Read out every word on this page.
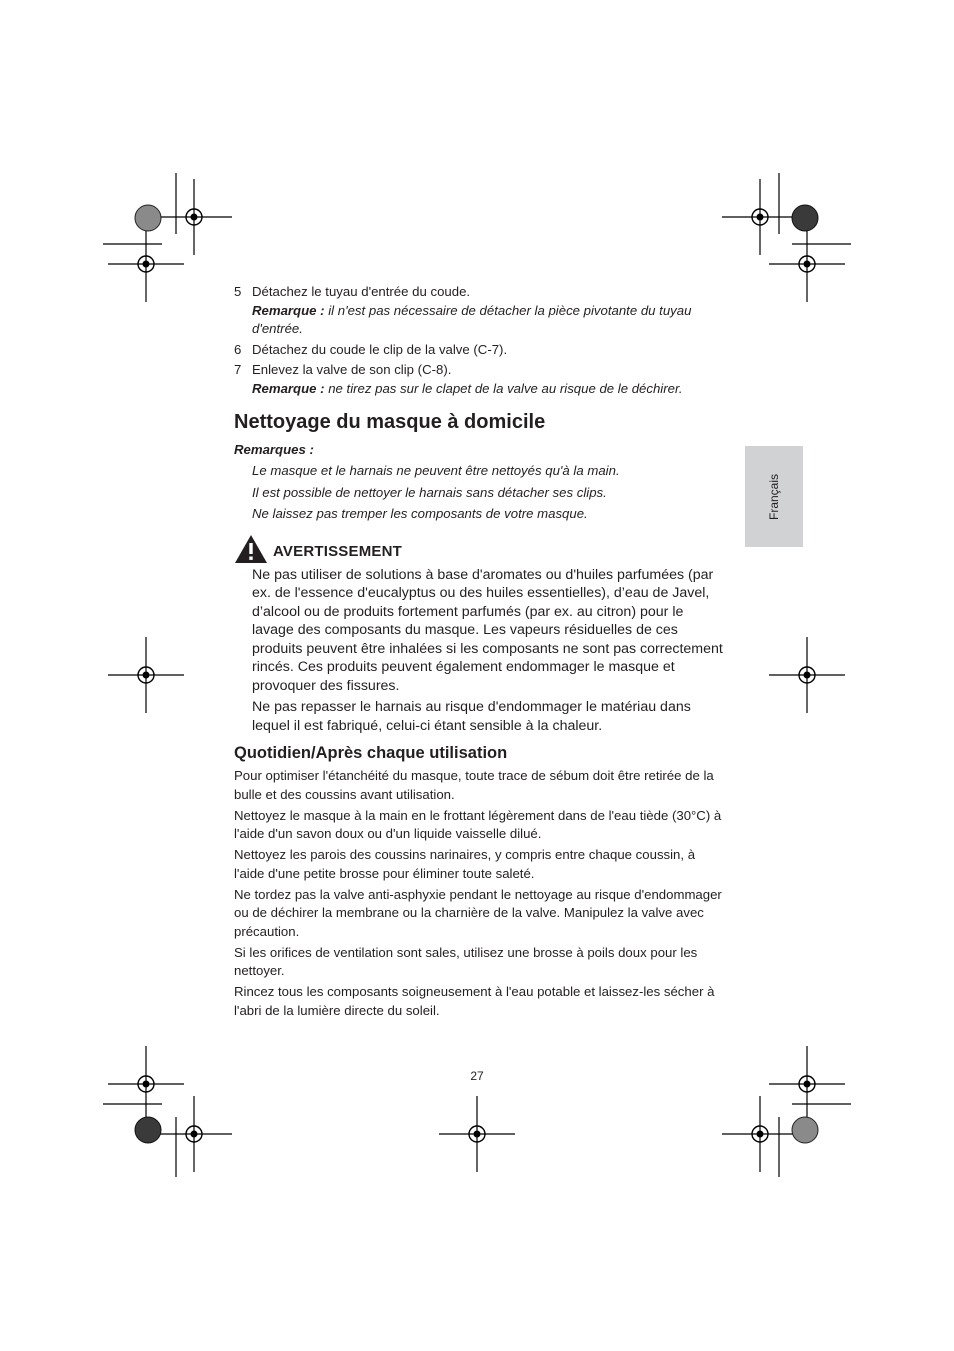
Français
5 Détachez le tuyau d'entrée du coude.
Remarque : il n'est pas nécessaire de détacher la pièce pivotante du tuyau d'entrée.
6 Détachez du coude le clip de la valve (C-7).
7 Enlevez la valve de son clip (C-8).
Remarque : ne tirez pas sur le clapet de la valve au risque de le déchirer.
Nettoyage du masque à domicile
Remarques :
Le masque et le harnais ne peuvent être nettoyés qu'à la main.
Il est possible de nettoyer le harnais sans détacher ses clips.
Ne laissez pas tremper les composants de votre masque.
AVERTISSEMENT

Ne pas utiliser de solutions à base d'aromates ou d'huiles parfumées (par ex. de l'essence d'eucalyptus ou des huiles essentielles), d’eau de Javel, d’alcool ou de produits fortement parfumés (par ex. au citron) pour le lavage des composants du masque. Les vapeurs résiduelles de ces produits peuvent être inhalées si les composants ne sont pas correctement rincés. Ces produits peuvent également endommager le masque et provoquer des fissures.

Ne pas repasser le harnais au risque d'endommager le matériau dans lequel il est fabriqué, celui-ci étant sensible à la chaleur.

Quotidien/Après chaque utilisation

Pour optimiser l'étanchéité du masque, toute trace de sébum doit être retirée de la bulle et des coussins avant utilisation.

Nettoyez le masque à la main en le frottant légèrement dans de l'eau tiède (30°C) à l'aide d'un savon doux ou d'un liquide vaisselle dilué.

Nettoyez les parois des coussins narinaires, y compris entre chaque coussin, à l'aide d'une petite brosse pour éliminer toute saleté.

Ne tordez pas la valve anti-asphyxie pendant le nettoyage au risque d'endommager ou de déchirer la membrane ou la charnière de la valve. Manipulez la valve avec précaution.

Si les orifices de ventilation sont sales, utilisez une brosse à poils doux pour les nettoyer.

Rincez tous les composants soigneusement à l'eau potable et laissez-les sécher à l'abri de la lumière directe du soleil.

27
